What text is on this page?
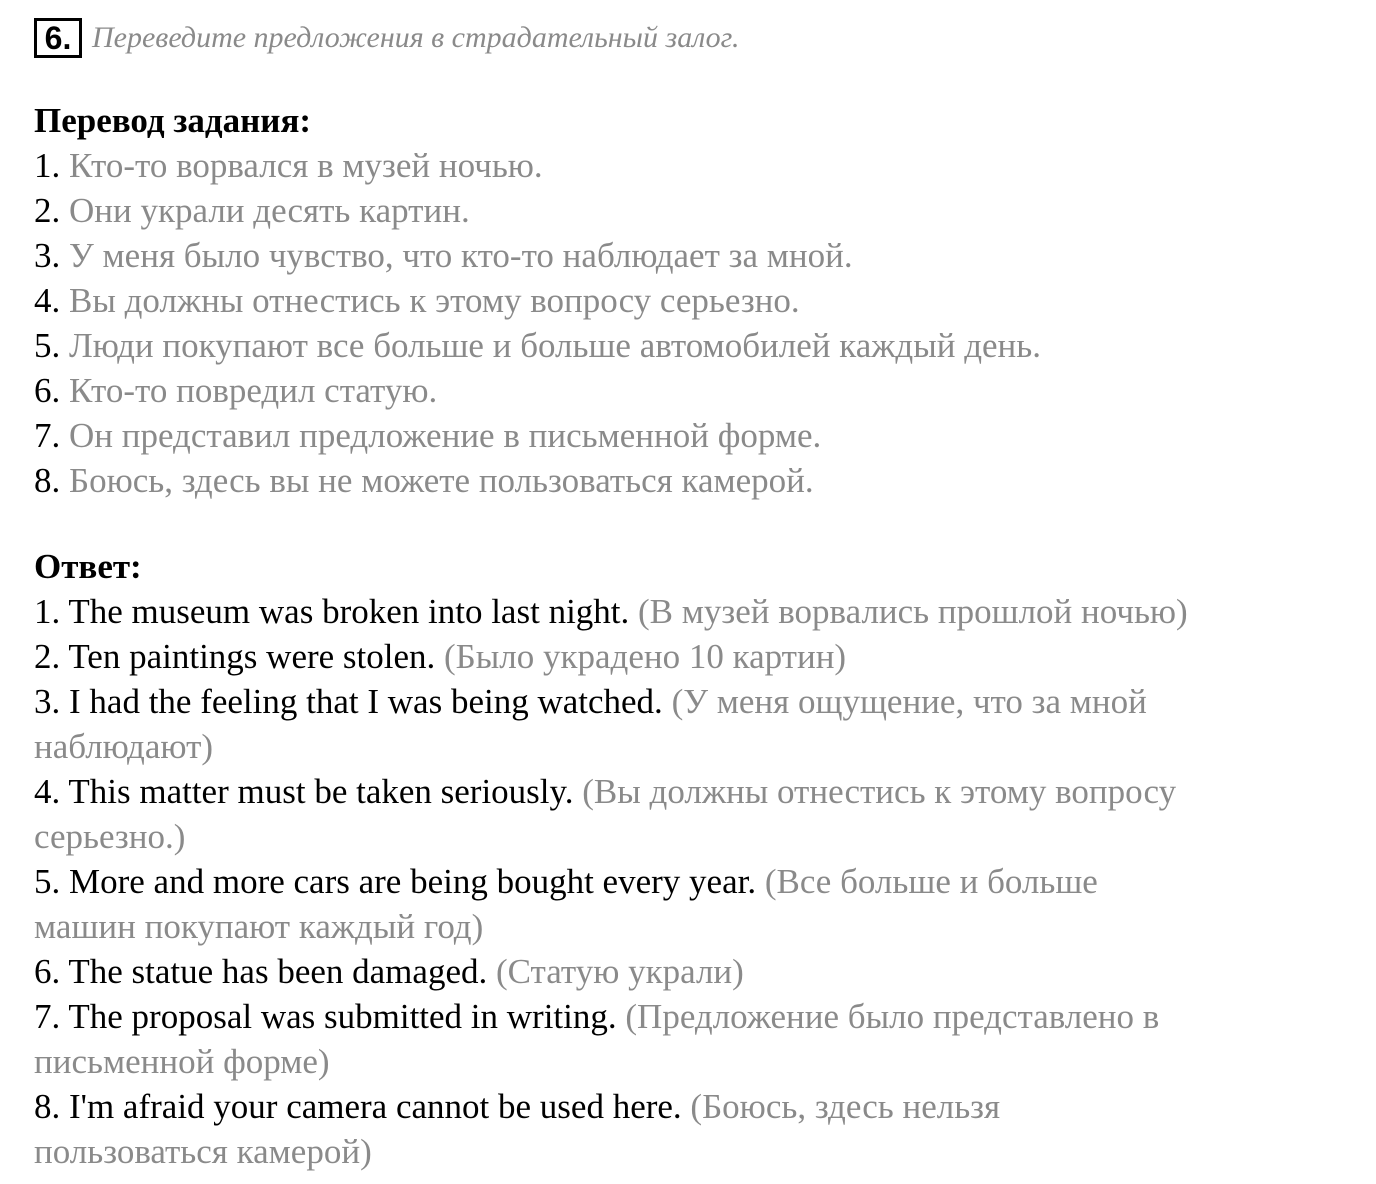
6. Переведите предложения в страдательный залог.
Перевод задания:
1. Кто-то ворвался в музей ночью.
2. Они украли десять картин.
3. У меня было чувство, что кто-то наблюдает за мной.
4. Вы должны отнестись к этому вопросу серьезно.
5. Люди покупают все больше и больше автомобилей каждый день.
6. Кто-то повредил статую.
7. Он представил предложение в письменной форме.
8. Боюсь, здесь вы не можете пользоваться камерой.
Ответ:
1. The museum was broken into last night. (В музей ворвались прошлой ночью)
2. Ten paintings were stolen. (Было украдено 10 картин)
3. I had the feeling that I was being watched. (У меня ощущение, что за мной
наблюдают)
4. This matter must be taken seriously. (Вы должны отнестись к этому вопросу
серьезно.)
5. More and more cars are being bought every year. (Все больше и больше
машин покупают каждый год)
6. The statue has been damaged. (Статую украли)
7. The proposal was submitted in writing. (Предложение было представлено в
письменной форме)
8. I'm afraid your camera cannot be used here. (Боюсь, здесь нельзя
пользоваться камерой)
